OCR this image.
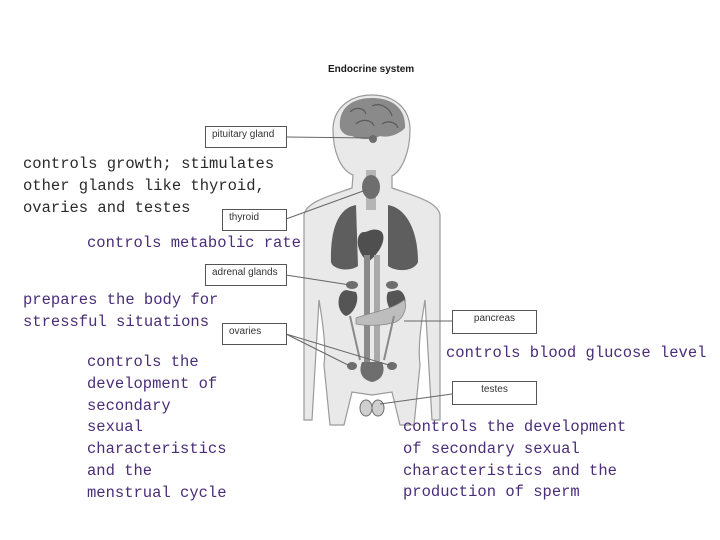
Endocrine system
pituitary gland
thyroid
adrenal glands
ovaries
pancreas
testes
controls growth; stimulates
other glands like thyroid,
ovaries and testes
controls metabolic rate
prepares the body for
stressful situations
controls the
development of
secondary
sexual
characteristics
and the
menstrual cycle
controls blood glucose level
controls the development
of secondary sexual
characteristics and the
production of sperm
